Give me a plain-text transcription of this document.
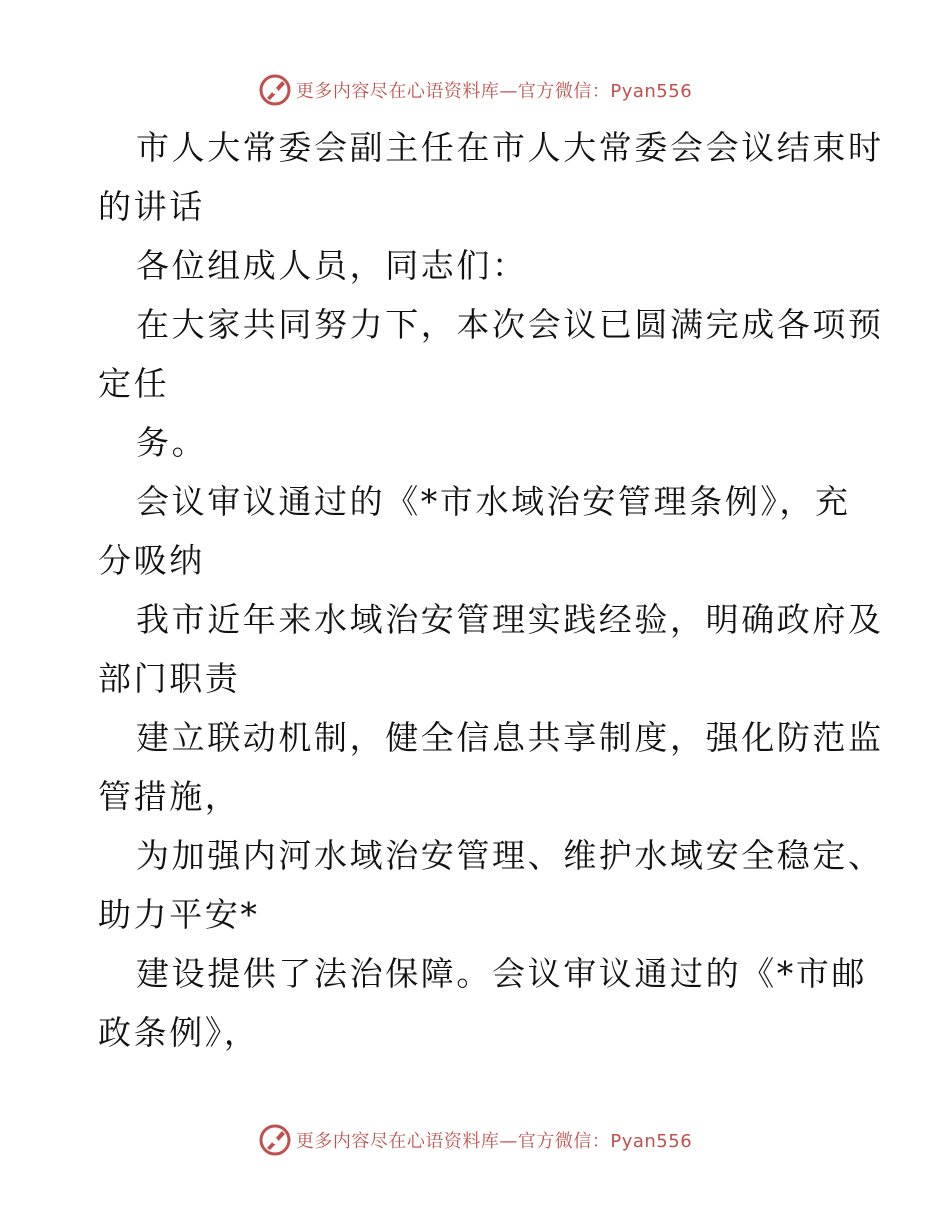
更多内容尽在心语资料库—官方微信：Pyan556
市人大常委会副主任在市人大常委会会议结束时
的讲话
各位组成人员，同志们：
在大家共同努力下，本次会议已圆满完成各项预
定任
务。
会议审议通过的《*市水域治安管理条例》，充
分吸纳
我市近年来水域治安管理实践经验，明确政府及
部门职责
建立联动机制，健全信息共享制度，强化防范监
管措施，
为加强内河水域治安管理、维护水域安全稳定、
助力平安*
建设提供了法治保障。会议审议通过的《*市邮
政条例》，
更多内容尽在心语资料库—官方微信：Pyan556
